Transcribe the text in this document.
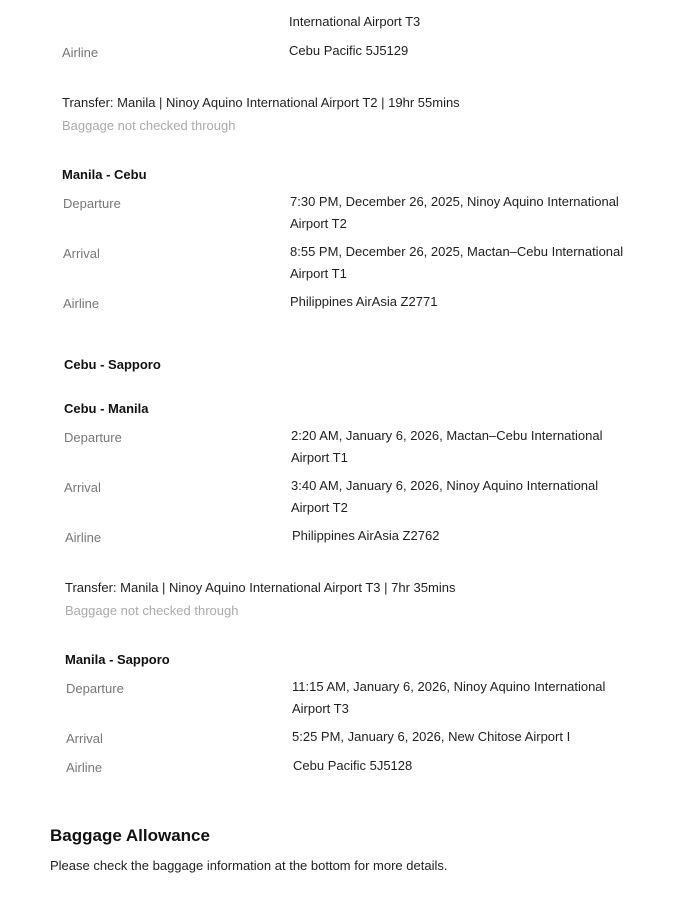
International Airport T3
Airline	Cebu Pacific 5J5129
Transfer: Manila | Ninoy Aquino International Airport T2 | 19hr 55mins
Baggage not checked through
Manila - Cebu
Departure	7:30 PM, December 26, 2025, Ninoy Aquino International Airport T2
Arrival	8:55 PM, December 26, 2025, Mactan–Cebu International Airport T1
Airline	Philippines AirAsia Z2771
Cebu - Sapporo
Cebu - Manila
Departure	2:20 AM, January 6, 2026, Mactan–Cebu International Airport T1
Arrival	3:40 AM, January 6, 2026, Ninoy Aquino International Airport T2
Airline	Philippines AirAsia Z2762
Transfer: Manila | Ninoy Aquino International Airport T3 | 7hr 35mins
Baggage not checked through
Manila - Sapporo
Departure	11:15 AM, January 6, 2026, Ninoy Aquino International Airport T3
Arrival	5:25 PM, January 6, 2026, New Chitose Airport I
Airline	Cebu Pacific 5J5128
Baggage Allowance
Please check the baggage information at the bottom for more details.
